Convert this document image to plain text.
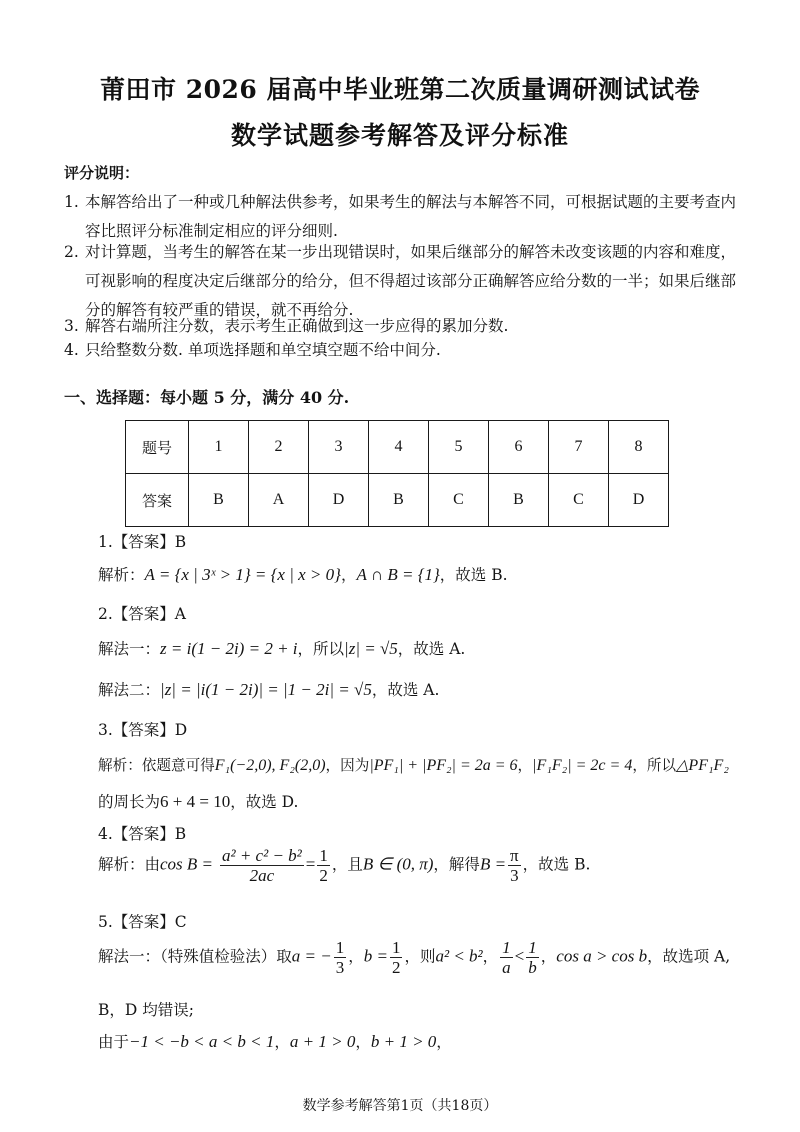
莆田市 2026 届高中毕业班第二次质量调研测试试卷
数学试题参考解答及评分标准
评分说明：
1. 本解答给出了一种或几种解法供参考，如果考生的解法与本解答不同，可根据试题的主要考查内容比照评分标准制定相应的评分细则.
2. 对计算题，当考生的解答在某一步出现错误时，如果后继部分的解答未改变该题的内容和难度，可视影响的程度决定后继部分的给分，但不得超过该部分正确解答应给分数的一半；如果后继部分的解答有较严重的错误，就不再给分.
3. 解答右端所注分数，表示考生正确做到这一步应得的累加分数.
4. 只给整数分数. 单项选择题和单空填空题不给中间分.
一、选择题：每小题 5 分，满分 40 分.
题号	1	2	3	4	5	6	7	8
答案	B	A	D	B	C	B	C	D
1.【答案】B
解析：A = {x | 3ˣ > 1} = {x | x > 0}，A ∩ B = {1}，故选 B.
2.【答案】A
解法一：z = i(1 − 2i) = 2 + i，所以|z| = √5，故选 A.
解法二：|z| = |i(1 − 2i)| = |1 − 2i| = √5，故选 A.
3.【答案】D
解析：依题意可得F₁(−2,0), F₂(2,0)，因为|PF₁| + |PF₂| = 2a = 6，|F₁F₂| = 2c = 4，所以△PF₁F₂
的周长为6 + 4 = 10，故选 D.
4.【答案】B
解析：由$\cos B = \frac{\text{a² + c² − b²}}{2ac} = \frac{1}{2}$ ，且B ∈ (0, π)，解得$B = \frac{\pi}{3}$ ，故选 B.
5.【答案】C
解法一：（特殊值检验法）取a = − $\frac{1}{3}$ ，$b = \frac{1}{2}$ ，则a² < b²， $\frac{1}{a} < \frac{1}{b}$ ，cos a > cos b，故选项 A,
B，D 均错误;
由于−1 < −b < a < b < 1，a + 1 > 0，b + 1 > 0，
数学参考解答第1页（共18页）
